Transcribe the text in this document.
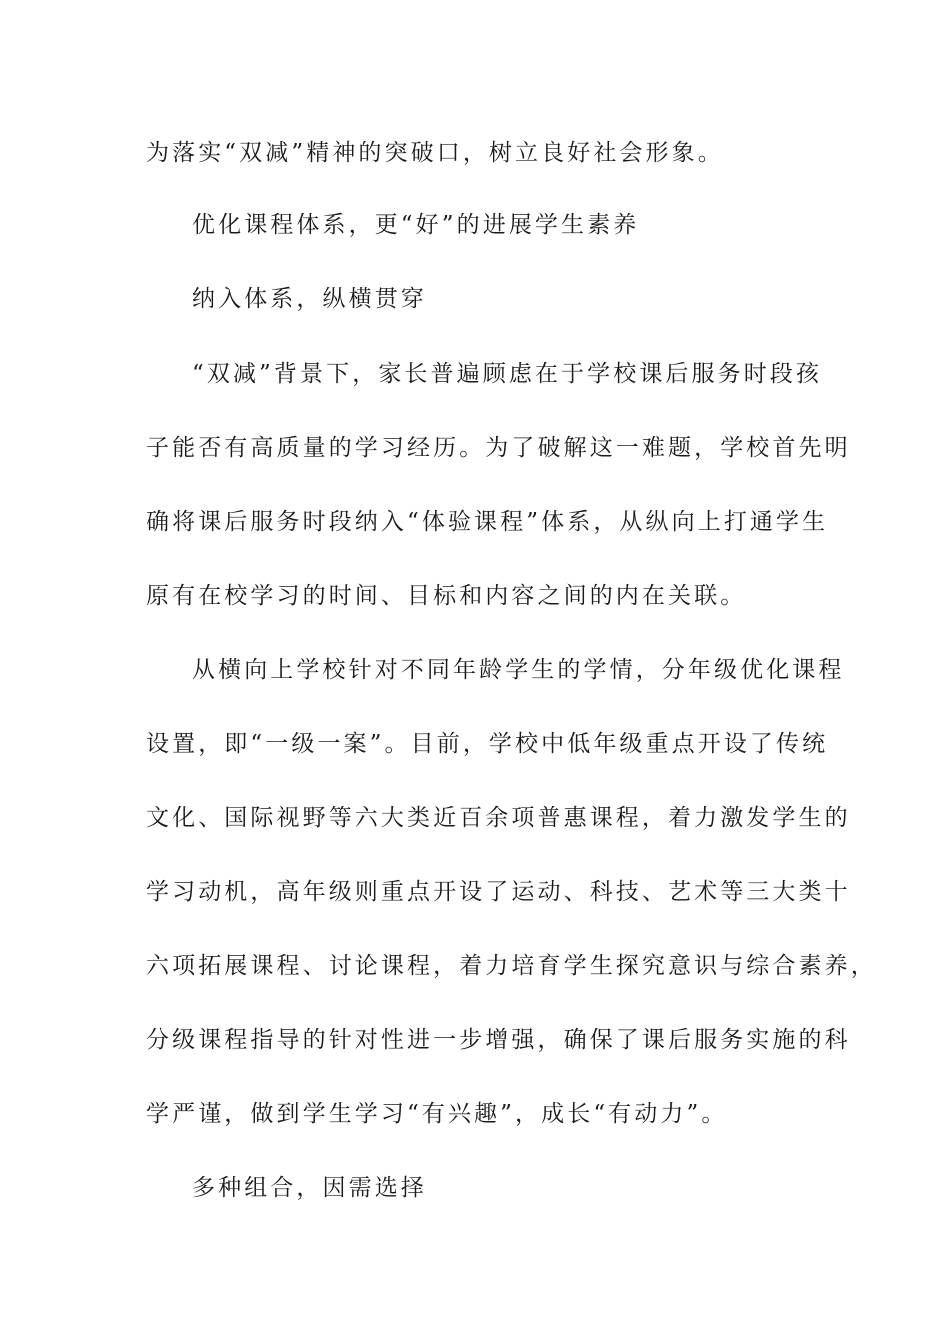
为落实“双减”精神的突破口，树立良好社会形象。
优化课程体系，更“好”的进展学生素养
纳入体系，纵横贯穿
“双减”背景下，家长普遍顾虑在于学校课后服务时段孩
子能否有高质量的学习经历。为了破解这一难题，学校首先明
确将课后服务时段纳入“体验课程”体系，从纵向上打通学生
原有在校学习的时间、目标和内容之间的内在关联。
从横向上学校针对不同年龄学生的学情，分年级优化课程
设置，即“一级一案”。目前，学校中低年级重点开设了传统
文化、国际视野等六大类近百余项普惠课程，着力激发学生的
学习动机，高年级则重点开设了运动、科技、艺术等三大类十
六项拓展课程、讨论课程，着力培育学生探究意识与综合素养，
分级课程指导的针对性进一步增强，确保了课后服务实施的科
学严谨，做到学生学习“有兴趣”，成长“有动力”。
多种组合，因需选择
